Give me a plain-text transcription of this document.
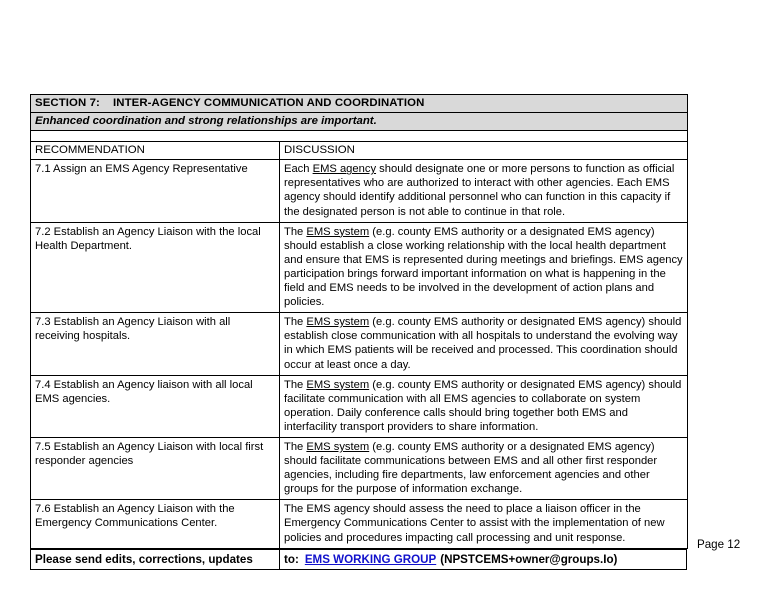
SECTION 7:    INTER-AGENCY COMMUNICATION AND COORDINATION	
Enhanced coordination and strong relationships are important.	

RECOMMENDATION	DISCUSSION
7.1 Assign an EMS Agency Representative	Each EMS agency should designate one or more persons to function as official representatives who are authorized to interact with other agencies. Each EMS agency should identify additional personnel who can function in this capacity if the designated person is not able to continue in that role.
7.2 Establish an Agency Liaison with the local Health Department.	The EMS system (e.g. county EMS authority or a designated EMS agency) should establish a close working relationship with the local health department and ensure that EMS is represented during meetings and briefings. EMS agency participation brings forward important information on what is happening in the field and EMS needs to be involved in the development of action plans and policies.
7.3 Establish an Agency Liaison with all receiving hospitals.	The EMS system (e.g. county EMS authority or designated EMS agency) should establish close communication with all hospitals to understand the evolving way in which EMS patients will be received and processed. This coordination should occur at least once a day.
7.4 Establish an Agency liaison with all local EMS agencies.	The EMS system (e.g. county EMS authority or designated EMS agency) should facilitate communication with all EMS agencies to collaborate on system operation. Daily conference calls should bring together both EMS and interfacility transport providers to share information.
7.5 Establish an Agency Liaison with local first responder agencies	The EMS system (e.g. county EMS authority or a designated EMS agency) should facilitate communications between EMS and all other first responder agencies, including fire departments, law enforcement agencies and other groups for the purpose of information exchange.
7.6 Establish an Agency Liaison with the Emergency Communications Center.	The EMS agency should assess the need to place a liaison officer in the Emergency Communications Center to assist with the implementation of new policies and procedures impacting call processing and unit response.
Please send edits, corrections, updates	to: EMS WORKING GROUP (NPSTCEMS+owner@groups.Io)
Page 12
